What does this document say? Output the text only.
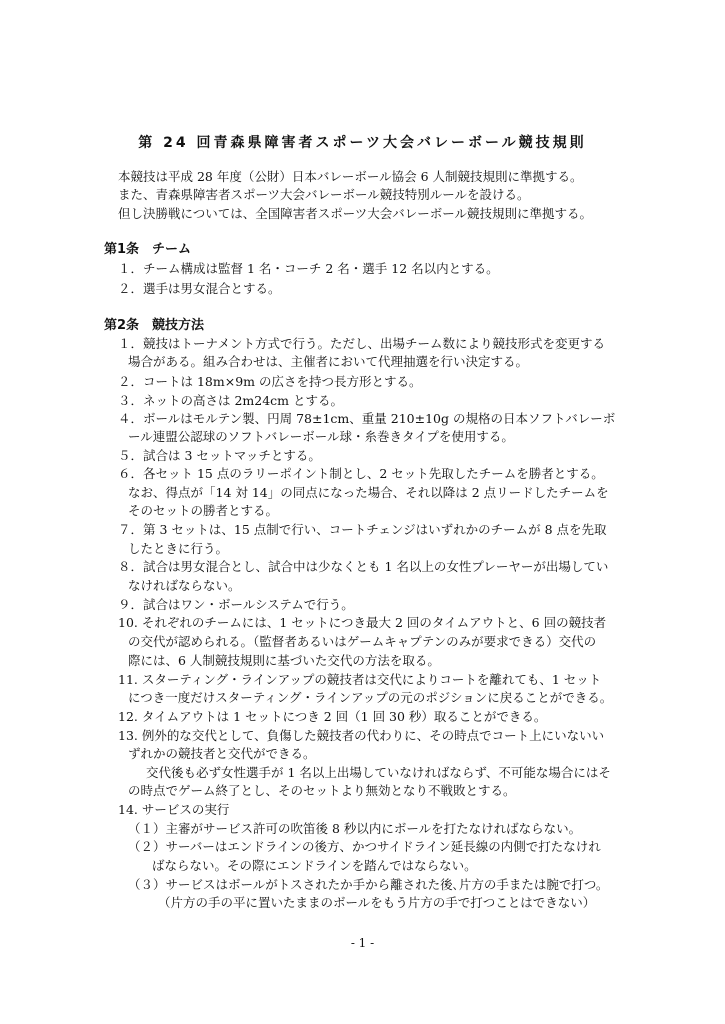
第 24 回青森県障害者スポーツ大会バレーボール競技規則
本競技は平成 28 年度（公財）日本バレーボール協会 6 人制競技規則に準拠する。
また、青森県障害者スポーツ大会バレーボール競技特別ルールを設ける。
但し決勝戦については、全国障害者スポーツ大会バレーボール競技規則に準拠する。
第1条　チーム
１．チーム構成は監督 1 名・コーチ 2 名・選手 12 名以内とする。
２．選手は男女混合とする。
第2条　競技方法
１．競技はトーナメント方式で行う。ただし、出場チーム数により競技形式を変更する
場合がある。組み合わせは、主催者において代理抽選を行い決定する。
２．コートは 18m×9m の広さを持つ長方形とする。
３．ネットの高さは 2m24cm とする。
４．ボールはモルテン製、円周 78±1cm、重量 210±10g の規格の日本ソフトバレーボ
ール連盟公認球のソフトバレーボール球・糸巻きタイプを使用する。
５．試合は 3 セットマッチとする。
６．各セット 15 点のラリーポイント制とし、2 セット先取したチームを勝者とする。
なお、得点が「14 対 14」の同点になった場合、それ以降は 2 点リードしたチームを
そのセットの勝者とする。
７．第 3 セットは、15 点制で行い、コートチェンジはいずれかのチームが 8 点を先取
したときに行う。
８．試合は男女混合とし、試合中は少なくとも 1 名以上の女性プレーヤーが出場してい
なければならない。
９．試合はワン・ボールシステムで行う。
10. それぞれのチームには、1 セットにつき最大 2 回のタイムアウトと、6 回の競技者
の交代が認められる。（監督者あるいはゲームキャプテンのみが要求できる）交代の
際には、6 人制競技規則に基づいた交代の方法を取る。
11. スターティング・ラインアップの競技者は交代によりコートを離れても、1 セット
につき一度だけスターティング・ラインアップの元のポジションに戻ることができる。
12. タイムアウトは 1 セットにつき 2 回（1 回 30 秒）取ることができる。
13. 例外的な交代として、負傷した競技者の代わりに、その時点でコート上にいないい
ずれかの競技者と交代ができる。
交代後も必ず女性選手が 1 名以上出場していなければならず、不可能な場合にはそ
の時点でゲーム終了とし、そのセットより無効となり不戦敗とする。
14. サービスの実行
（１）主審がサービス許可の吹笛後 8 秒以内にボールを打たなければならない。
（２）サーバーはエンドラインの後方、かつサイドライン延長線の内側で打たなけれ
ばならない。その際にエンドラインを踏んではならない。
（３）サービスはボールがトスされたか手から離された後､片方の手または腕で打つ。
（片方の手の平に置いたままのボールをもう片方の手で打つことはできない）
- 1 -
